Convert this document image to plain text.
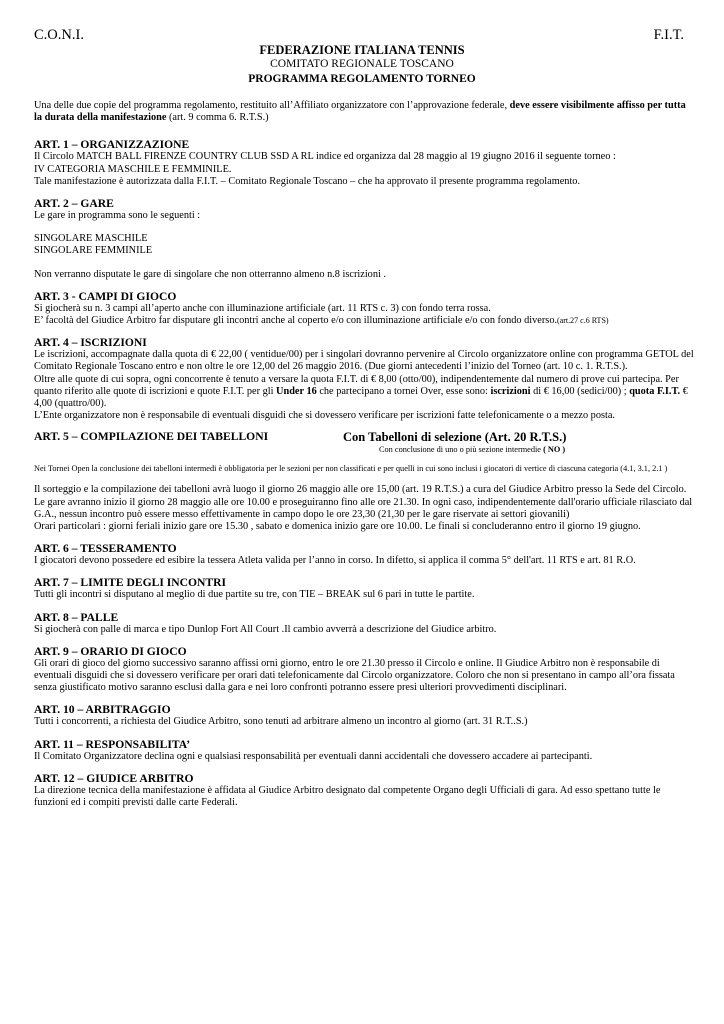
C.O.N.I.	F.I.T.
FEDERAZIONE ITALIANA TENNIS
COMITATO REGIONALE TOSCANO
PROGRAMMA REGOLAMENTO TORNEO

Una delle due copie del programma regolamento, restituito all’Affiliato organizzatore con l’approvazione federale, deve essere visibilmente affisso per tutta la durata della manifestazione (art. 9 comma 6. R.T.S.)

ART. 1 – ORGANIZZAZIONE

Il Circolo MATCH BALL FIRENZE COUNTRY CLUB SSD A RL indice ed organizza dal 28 maggio al 19 giugno 2016 il seguente torneo :

IV CATEGORIA MASCHILE E FEMMINILE.

Tale manifestazione è autorizzata dalla F.I.T. – Comitato Regionale Toscano – che ha approvato il presente programma regolamento.

ART. 2 – GARE

Le gare in programma sono le seguenti :

SINGOLARE MASCHILE

SINGOLARE FEMMINILE

Non verranno disputate le gare di singolare che non otterranno almeno n.8 iscrizioni .

ART. 3 - CAMPI DI GIOCO

Si giocherà su n. 3 campi all’aperto anche con illuminazione artificiale (art. 11 RTS c. 3) con fondo terra rossa.

E’ facoltà del Giudice Arbitro far disputare gli incontri anche al coperto e/o con illuminazione artificiale e/o con fondo diverso.(art.27 c.6 RTS)

ART. 4 – ISCRIZIONI

Le iscrizioni, accompagnate dalla quota di € 22,00 ( ventidue/00) per i singolari dovranno pervenire al Circolo organizzatore online con programma GETOL del Comitato Regionale Toscano entro e non oltre le ore 12,00 del 26 maggio 2016. (Due giorni antecedenti l’inizio del Torneo (art. 10 c. 1. R.T.S.).

Oltre alle quote di cui sopra, ogni concorrente è tenuto a versare la quota F.I.T. di € 8,00 (otto/00), indipendentemente dal numero di prove cui partecipa. Per quanto riferito alle quote di iscrizioni e quote F.I.T. per gli Under 16 che partecipano a tornei Over, esse sono: iscrizioni di € 16,00 (sedici/00) ; quota F.I.T. € 4,00 (quattro/00).

L’Ente organizzatore non è responsabile di eventuali disguidi che si dovessero verificare per iscrizioni fatte telefonicamente o a mezzo posta.

ART. 5 – COMPILAZIONE DEI TABELLONI	Con Tabelloni di selezione (Art. 20 R.T.S.)
Con conclusione di uno o più sezione intermedie ( NO )

Nei Tornei Open la conclusione dei tabelloni intermedi è obbligatoria per le sezioni per non classificati e per quelli in cui sono inclusi i giocatori di vertice di ciascuna categoria (4.1, 3.1, 2.1 )

Il sorteggio e la compilazione dei tabelloni avrà luogo il giorno 26 maggio alle ore 15,00 (art. 19 R.T.S.) a cura del Giudice Arbitro presso la Sede del Circolo. Le gare avranno inizio il giorno 28 maggio alle ore 10.00 e proseguiranno fino alle ore 21.30. In ogni caso, indipendentemente dall'orario ufficiale rilasciato dal G.A., nessun incontro può essere messo effettivamente in campo dopo le ore 23,30 (21,30 per le gare riservate ai settori giovanili)

Orari particolari : giorni feriali inizio gare ore 15.30 , sabato e domenica inizio gare ore 10.00. Le finali si concluderanno entro il giorno 19 giugno.

ART. 6 – TESSERAMENTO

I giocatori devono possedere ed esibire la tessera Atleta valida per l’anno in corso. In difetto, si applica il comma 5° dell'art. 11 RTS e art. 81 R.O.

ART. 7 – LIMITE DEGLI INCONTRI

Tutti gli incontri si disputano al meglio di due partite su tre, con TIE – BREAK sul 6 pari in tutte le partite.

ART. 8 – PALLE

Si giocherà con palle di marca e tipo Dunlop Fort All Court .Il cambio avverrà a descrizione del Giudice arbitro.

ART. 9 – ORARIO DI GIOCO

Gli orari di gioco del giorno successivo saranno affissi orni giorno, entro le ore 21.30 presso il Circolo e online. Il Giudice Arbitro non è responsabile di eventuali disguidi che si dovessero verificare per orari dati telefonicamente dal Circolo organizzatore. Coloro che non si presentano in campo all’ora fissata senza giustificato motivo saranno esclusi dalla gara e nei loro confronti potranno essere presi ulteriori provvedimenti disciplinari.

ART. 10 – ARBITRAGGIO

Tutti i concorrenti, a richiesta del Giudice Arbitro, sono tenuti ad arbitrare almeno un incontro al giorno (art. 31 R.T..S.)

ART. 11 – RESPONSABILITA’

Il Comitato Organizzatore declina ogni e qualsiasi responsabilità per eventuali danni accidentali che dovessero accadere ai partecipanti.

ART. 12 – GIUDICE ARBITRO

La direzione tecnica della manifestazione è affidata al Giudice Arbitro designato dal competente Organo degli Ufficiali di gara. Ad esso spettano tutte le funzioni ed i compiti previsti dalle carte Federali.
